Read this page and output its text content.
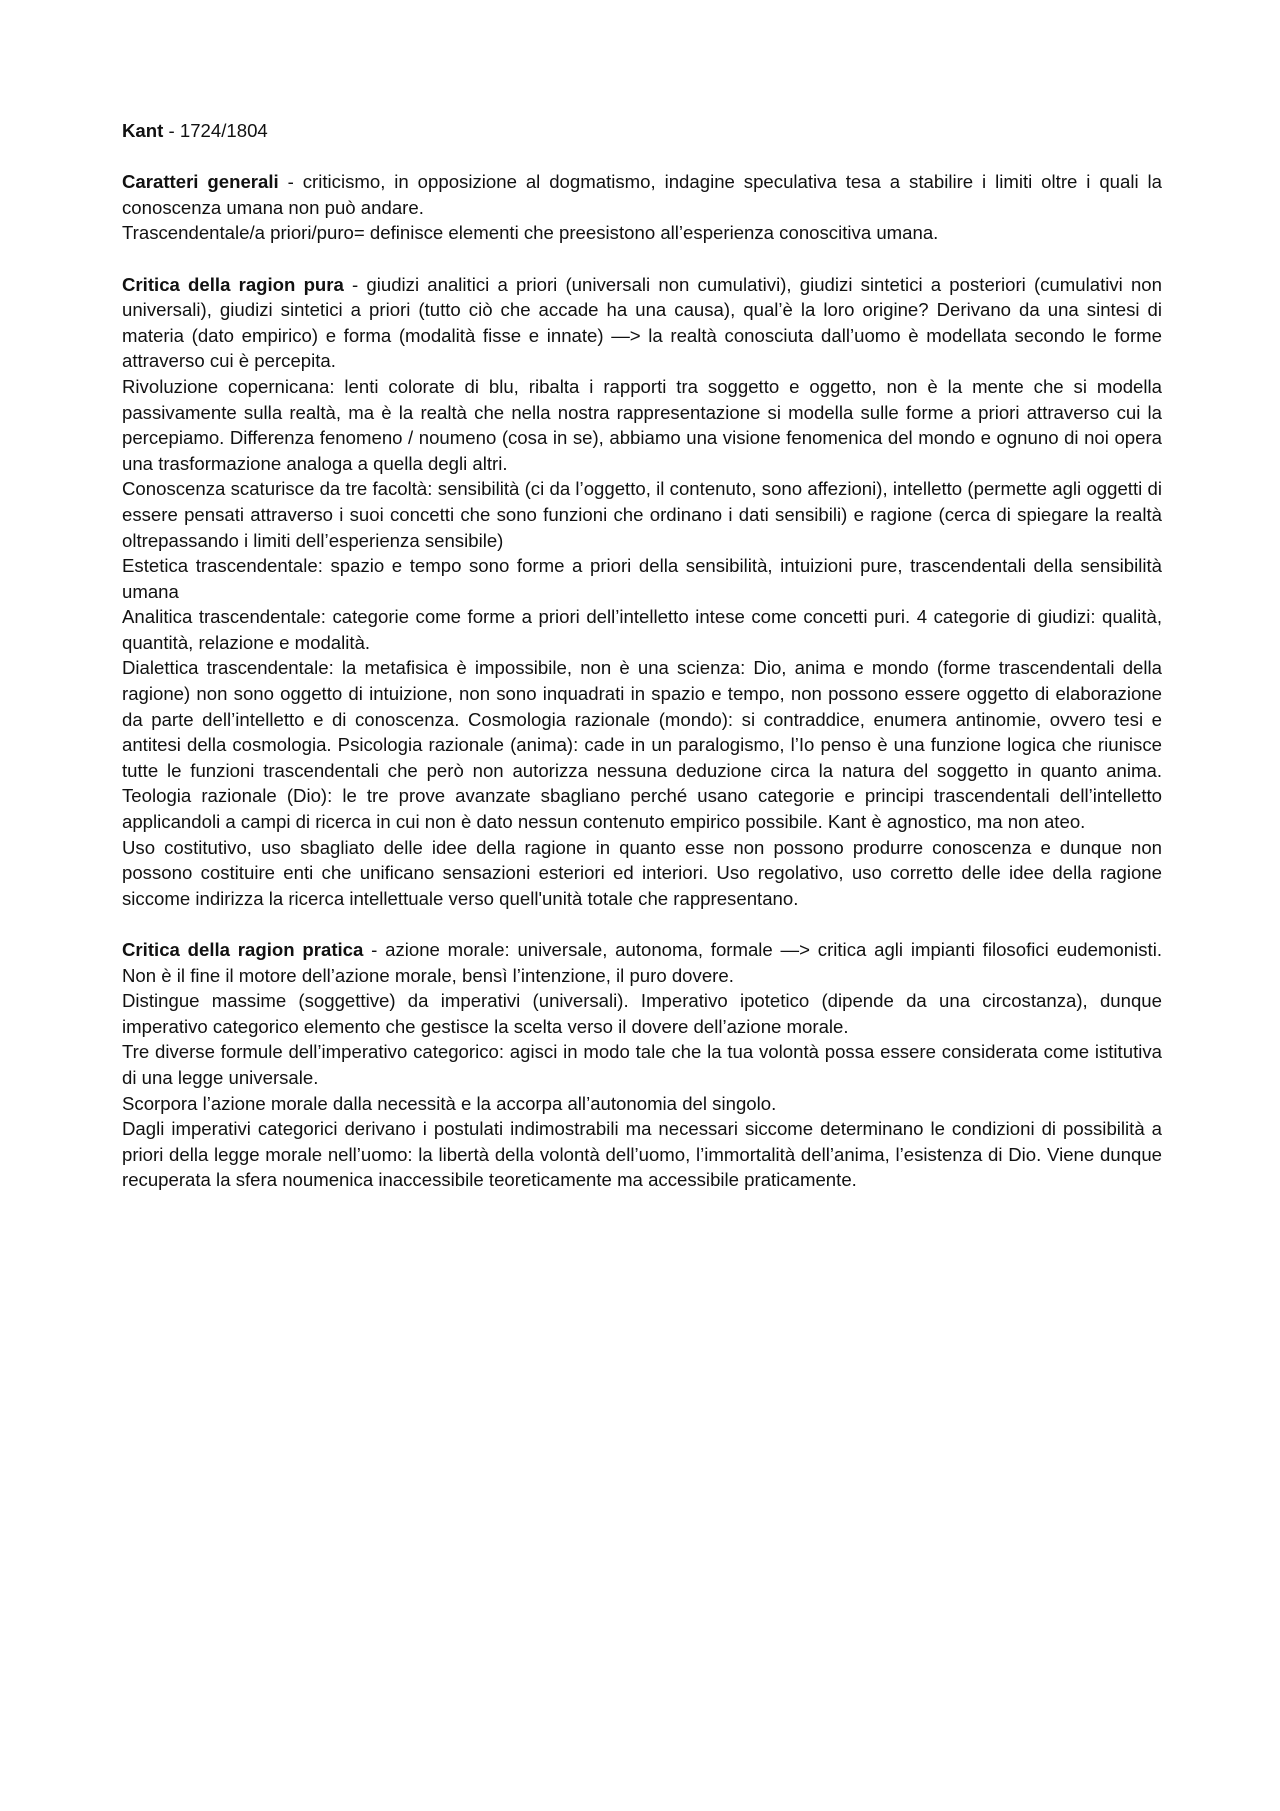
Kant - 1724/1804

Caratteri generali - criticismo, in opposizione al dogmatismo, indagine speculativa tesa a stabilire i limiti oltre i quali la conoscenza umana non può andare.

Trascendentale/a priori/puro= definisce elementi che preesistono all’esperienza conoscitiva umana.

Critica della ragion pura - giudizi analitici a priori (universali non cumulativi), giudizi sintetici a posteriori (cumulativi non universali), giudizi sintetici a priori (tutto ciò che accade ha una causa), qual’è la loro origine? Derivano da una sintesi di materia (dato empirico) e forma (modalità fisse e innate) —> la realtà conosciuta dall’uomo è modellata secondo le forme attraverso cui è percepita.

Rivoluzione copernicana: lenti colorate di blu, ribalta i rapporti tra soggetto e oggetto, non è la mente che si modella passivamente sulla realtà, ma è la realtà che nella nostra rappresentazione si modella sulle forme a priori attraverso cui la percepiamo. Differenza fenomeno / noumeno (cosa in se), abbiamo una visione fenomenica del mondo e ognuno di noi opera una trasformazione analoga a quella degli altri.

Conoscenza scaturisce da tre facoltà: sensibilità (ci da l’oggetto, il contenuto, sono affezioni), intelletto (permette agli oggetti di essere pensati attraverso i suoi concetti che sono funzioni che ordinano i dati sensibili) e ragione (cerca di spiegare la realtà oltrepassando i limiti dell’esperienza sensibile)

Estetica trascendentale: spazio e tempo sono forme a priori della sensibilità, intuizioni pure, trascendentali della sensibilità umana

Analitica trascendentale: categorie come forme a priori dell’intelletto intese come concetti puri. 4 categorie di giudizi: qualità, quantità, relazione e modalità.

Dialettica trascendentale: la metafisica è impossibile, non è una scienza: Dio, anima e mondo (forme trascendentali della ragione) non sono oggetto di intuizione, non sono inquadrati in spazio e tempo, non possono essere oggetto di elaborazione da parte dell’intelletto e di conoscenza. Cosmologia razionale (mondo): si contraddice, enumera antinomie, ovvero tesi e antitesi della cosmologia. Psicologia razionale (anima): cade in un paralogismo, l’Io penso è una funzione logica che riunisce tutte le funzioni trascendentali che però non autorizza nessuna deduzione circa la natura del soggetto in quanto anima. Teologia razionale (Dio): le tre prove avanzate sbagliano perché usano categorie e principi trascendentali dell’intelletto applicandoli a campi di ricerca in cui non è dato nessun contenuto empirico possibile. Kant è agnostico, ma non ateo.

Uso costitutivo, uso sbagliato delle idee della ragione in quanto esse non possono produrre conoscenza e dunque non possono costituire enti che unificano sensazioni esteriori ed interiori. Uso regolativo, uso corretto delle idee della ragione siccome indirizza la ricerca intellettuale verso quell'unità totale che rappresentano.

Critica della ragion pratica - azione morale: universale, autonoma, formale —> critica agli impianti filosofici eudemonisti. Non è il fine il motore dell’azione morale, bensì l’intenzione, il puro dovere.

Distingue massime (soggettive) da imperativi (universali). Imperativo ipotetico (dipende da una circostanza), dunque imperativo categorico elemento che gestisce la scelta verso il dovere dell’azione morale.

Tre diverse formule dell’imperativo categorico: agisci in modo tale che la tua volontà possa essere considerata come istitutiva di una legge universale.

Scorpora l’azione morale dalla necessità e la accorpa all’autonomia del singolo.

Dagli imperativi categorici derivano i postulati indimostrabili ma necessari siccome determinano le condizioni di possibilità a priori della legge morale nell’uomo: la libertà della volontà dell’uomo, l’immortalità dell’anima, l’esistenza di Dio. Viene dunque recuperata la sfera noumenica inaccessibile teoreticamente ma accessibile praticamente.
